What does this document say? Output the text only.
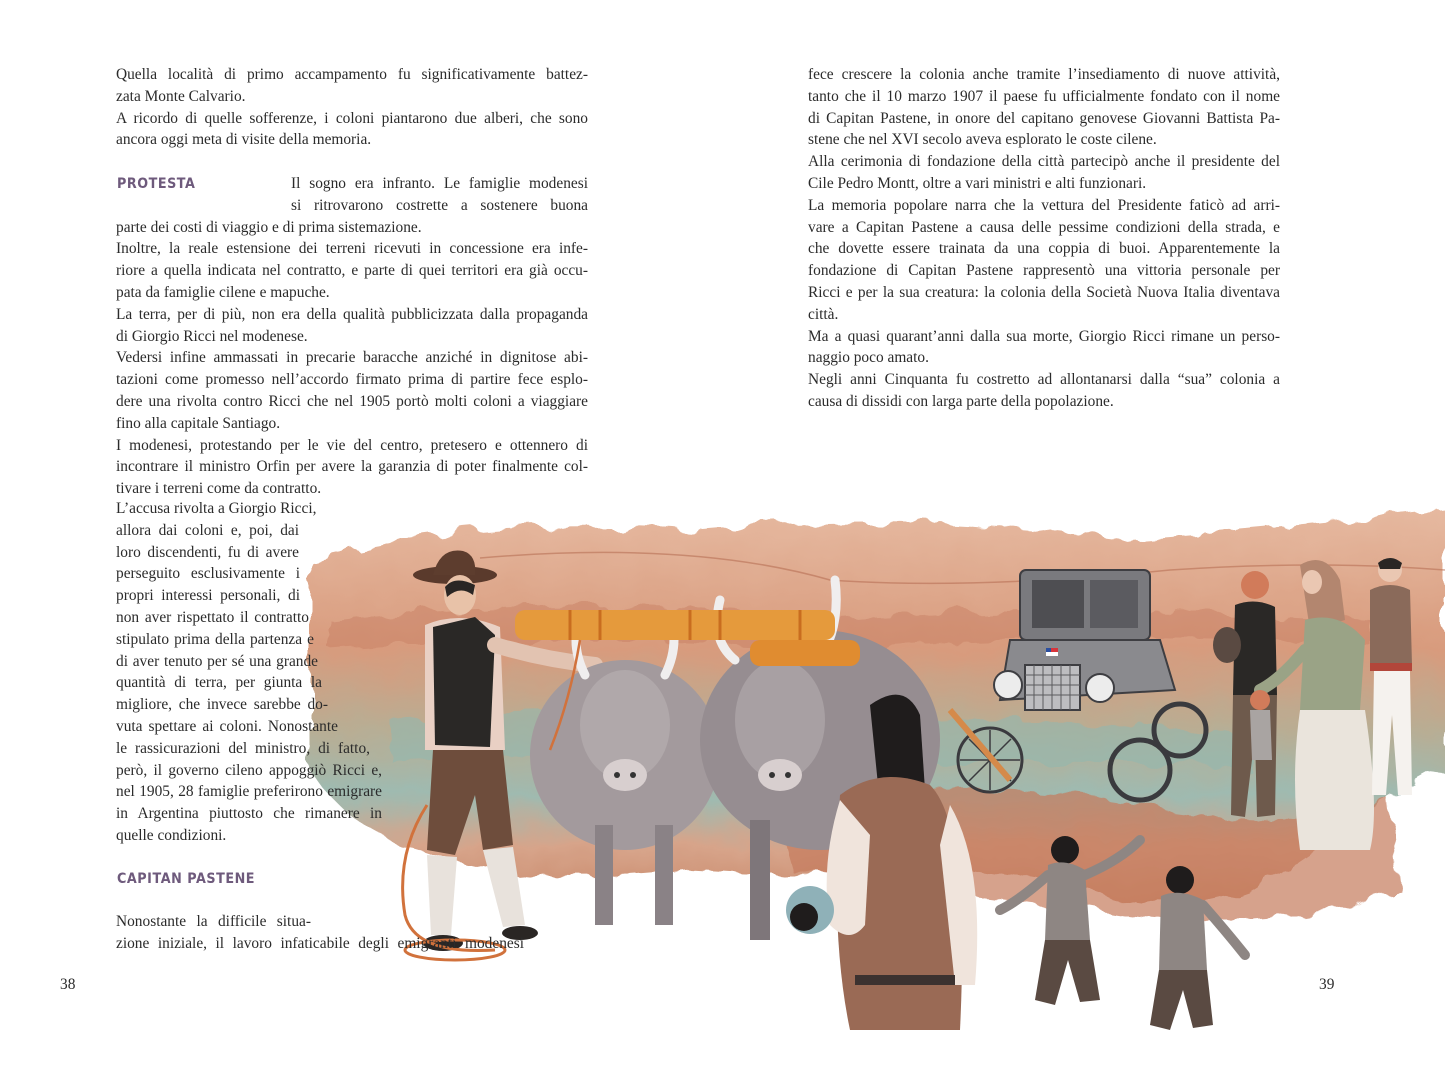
Quella località di primo accampamento fu significativamente battez-
zata Monte Calvario.
A ricordo di quelle sofferenze, i coloni piantarono due alberi, che sono
ancora oggi meta di visite della memoria.
PROTESTA	Il sogno era infranto. Le famiglie modenesi
si ritrovarono costrette a sostenere buona
parte dei costi di viaggio e di prima sistemazione.
Inoltre, la reale estensione dei terreni ricevuti in concessione era infe-
riore a quella indicata nel contratto, e parte di quei territori era già occu-
pata da famiglie cilene e mapuche.
La terra, per di più, non era della qualità pubblicizzata dalla propaganda
di Giorgio Ricci nel modenese.
Vedersi infine ammassati in precarie baracche anziché in dignitose abi-
tazioni come promesso nell’accordo firmato prima di partire fece esplo-
dere una rivolta contro Ricci che nel 1905 portò molti coloni a viaggiare
fino alla capitale Santiago.
I modenesi, protestando per le vie del centro, pretesero e ottennero di
incontrare il ministro Orfin per avere la garanzia di poter finalmente col-
tivare i terreni come da contratto.
L’accusa rivolta a Giorgio Ricci,
allora dai coloni e, poi, dai
loro discendenti, fu di avere
perseguito esclusivamente i
propri interessi personali, di
non aver rispettato il contratto
stipulato prima della partenza e
di aver tenuto per sé una grande
quantità di terra, per giunta la
migliore, che invece sarebbe do-
vuta spettare ai coloni. Nonostante
le rassicurazioni del ministro, di fatto,
però, il governo cileno appoggiò Ricci e,
nel 1905, 28 famiglie preferirono emigrare
in Argentina piuttosto che rimanere in
quelle condizioni.
CAPITAN PASTENE
Nonostante la difficile situa-
zione iniziale, il lavoro infaticabile degli emigranti modenesi
38
fece crescere la colonia anche tramite l’insediamento di nuove attività,
tanto che il 10 marzo 1907 il paese fu ufficialmente fondato con il nome
di Capitan Pastene, in onore del capitano genovese Giovanni Battista Pa-
stene che nel XVI secolo aveva esplorato le coste cilene.
Alla cerimonia di fondazione della città partecipò anche il presidente del
Cile Pedro Montt, oltre a vari ministri e alti funzionari.
La memoria popolare narra che la vettura del Presidente faticò ad arri-
vare a Capitan Pastene a causa delle pessime condizioni della strada, e
che dovette essere trainata da una coppia di buoi. Apparentemente la
fondazione di Capitan Pastene rappresentò una vittoria personale per
Ricci e per la sua creatura: la colonia della Società Nuova Italia diventava
città.
Ma a quasi quarant’anni dalla sua morte, Giorgio Ricci rimane un perso-
naggio poco amato.
Negli anni Cinquanta fu costretto ad allontanarsi dalla “sua” colonia a
causa di dissidi con larga parte della popolazione.
39
